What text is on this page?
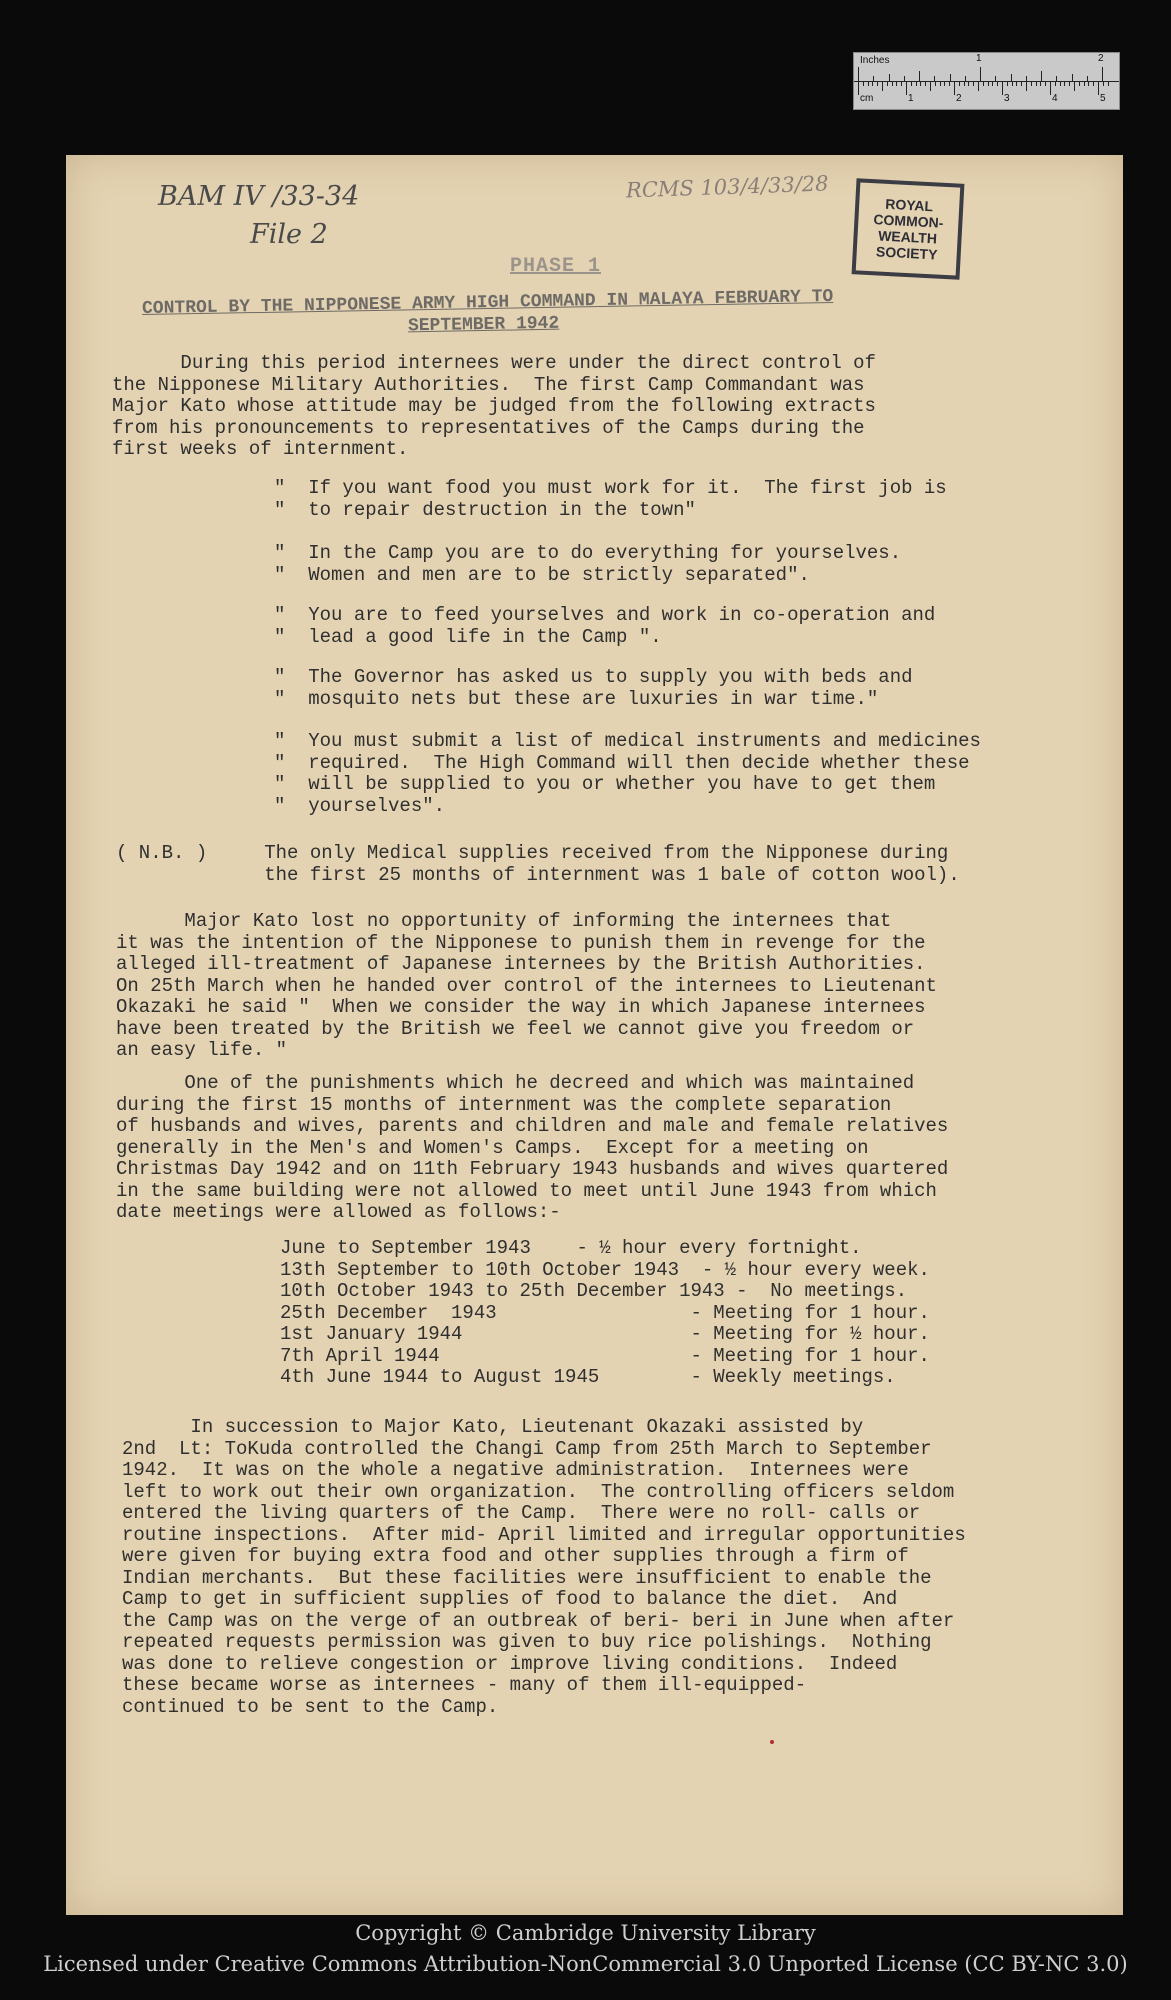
Inches
cm
1	2
1	2	3	4	5
BAM IV /33-34
File 2
RCMS 103/4/33/28
ROYAL
COMMON-
WEALTH
SOCIETY
PHASE 1
CONTROL BY THE NIPPONESE ARMY HIGH COMMAND IN MALAYA FEBRUARY TO
SEPTEMBER 1942
During this period internees were under the direct control of
the Nipponese Military Authorities.  The first Camp Commandant was
Major Kato whose attitude may be judged from the following extracts
from his pronouncements to representatives of the Camps during the
first weeks of internment.
"  If you want food you must work for it.  The first job is
"  to repair destruction in the town"
"  In the Camp you are to do everything for yourselves.
"  Women and men are to be strictly separated".
"  You are to feed yourselves and work in co-operation and
"  lead a good life in the Camp ".
"  The Governor has asked us to supply you with beds and
"  mosquito nets but these are luxuries in war time."
"  You must submit a list of medical instruments and medicines
"  required.  The High Command will then decide whether these
"  will be supplied to you or whether you have to get them
"  yourselves".
( N.B. )     The only Medical supplies received from the Nipponese during
the first 25 months of internment was 1 bale of cotton wool).
Major Kato lost no opportunity of informing the internees that
it was the intention of the Nipponese to punish them in revenge for the
alleged ill-treatment of Japanese internees by the British Authorities.
On 25th March when he handed over control of the internees to Lieutenant
Okazaki he said "  When we consider the way in which Japanese internees
have been treated by the British we feel we cannot give you freedom or
an easy life. "
One of the punishments which he decreed and which was maintained
during the first 15 months of internment was the complete separation
of husbands and wives, parents and children and male and female relatives
generally in the Men's and Women's Camps.  Except for a meeting on
Christmas Day 1942 and on 11th February 1943 husbands and wives quartered
in the same building were not allowed to meet until June 1943 from which
date meetings were allowed as follows:-
June to September 1943    - ½ hour every fortnight.
13th September to 10th October 1943  - ½ hour every week.
10th October 1943 to 25th December 1943 -  No meetings.
25th December  1943                 - Meeting for 1 hour.
1st January 1944                    - Meeting for ½ hour.
7th April 1944                      - Meeting for 1 hour.
4th June 1944 to August 1945        - Weekly meetings.
In succession to Major Kato, Lieutenant Okazaki assisted by
2nd  Lt: ToKuda controlled the Changi Camp from 25th March to September
1942.  It was on the whole a negative administration.  Internees were
left to work out their own organization.  The controlling officers seldom
entered the living quarters of the Camp.  There were no roll- calls or
routine inspections.  After mid- April limited and irregular opportunities
were given for buying extra food and other supplies through a firm of
Indian merchants.  But these facilities were insufficient to enable the
Camp to get in sufficient supplies of food to balance the diet.  And
the Camp was on the verge of an outbreak of beri- beri in June when after
repeated requests permission was given to buy rice polishings.  Nothing
was done to relieve congestion or improve living conditions.  Indeed
these became worse as internees - many of them ill-equipped-
continued to be sent to the Camp.
Copyright © Cambridge University Library
Licensed under Creative Commons Attribution-NonCommercial 3.0 Unported License (CC BY-NC 3.0)
